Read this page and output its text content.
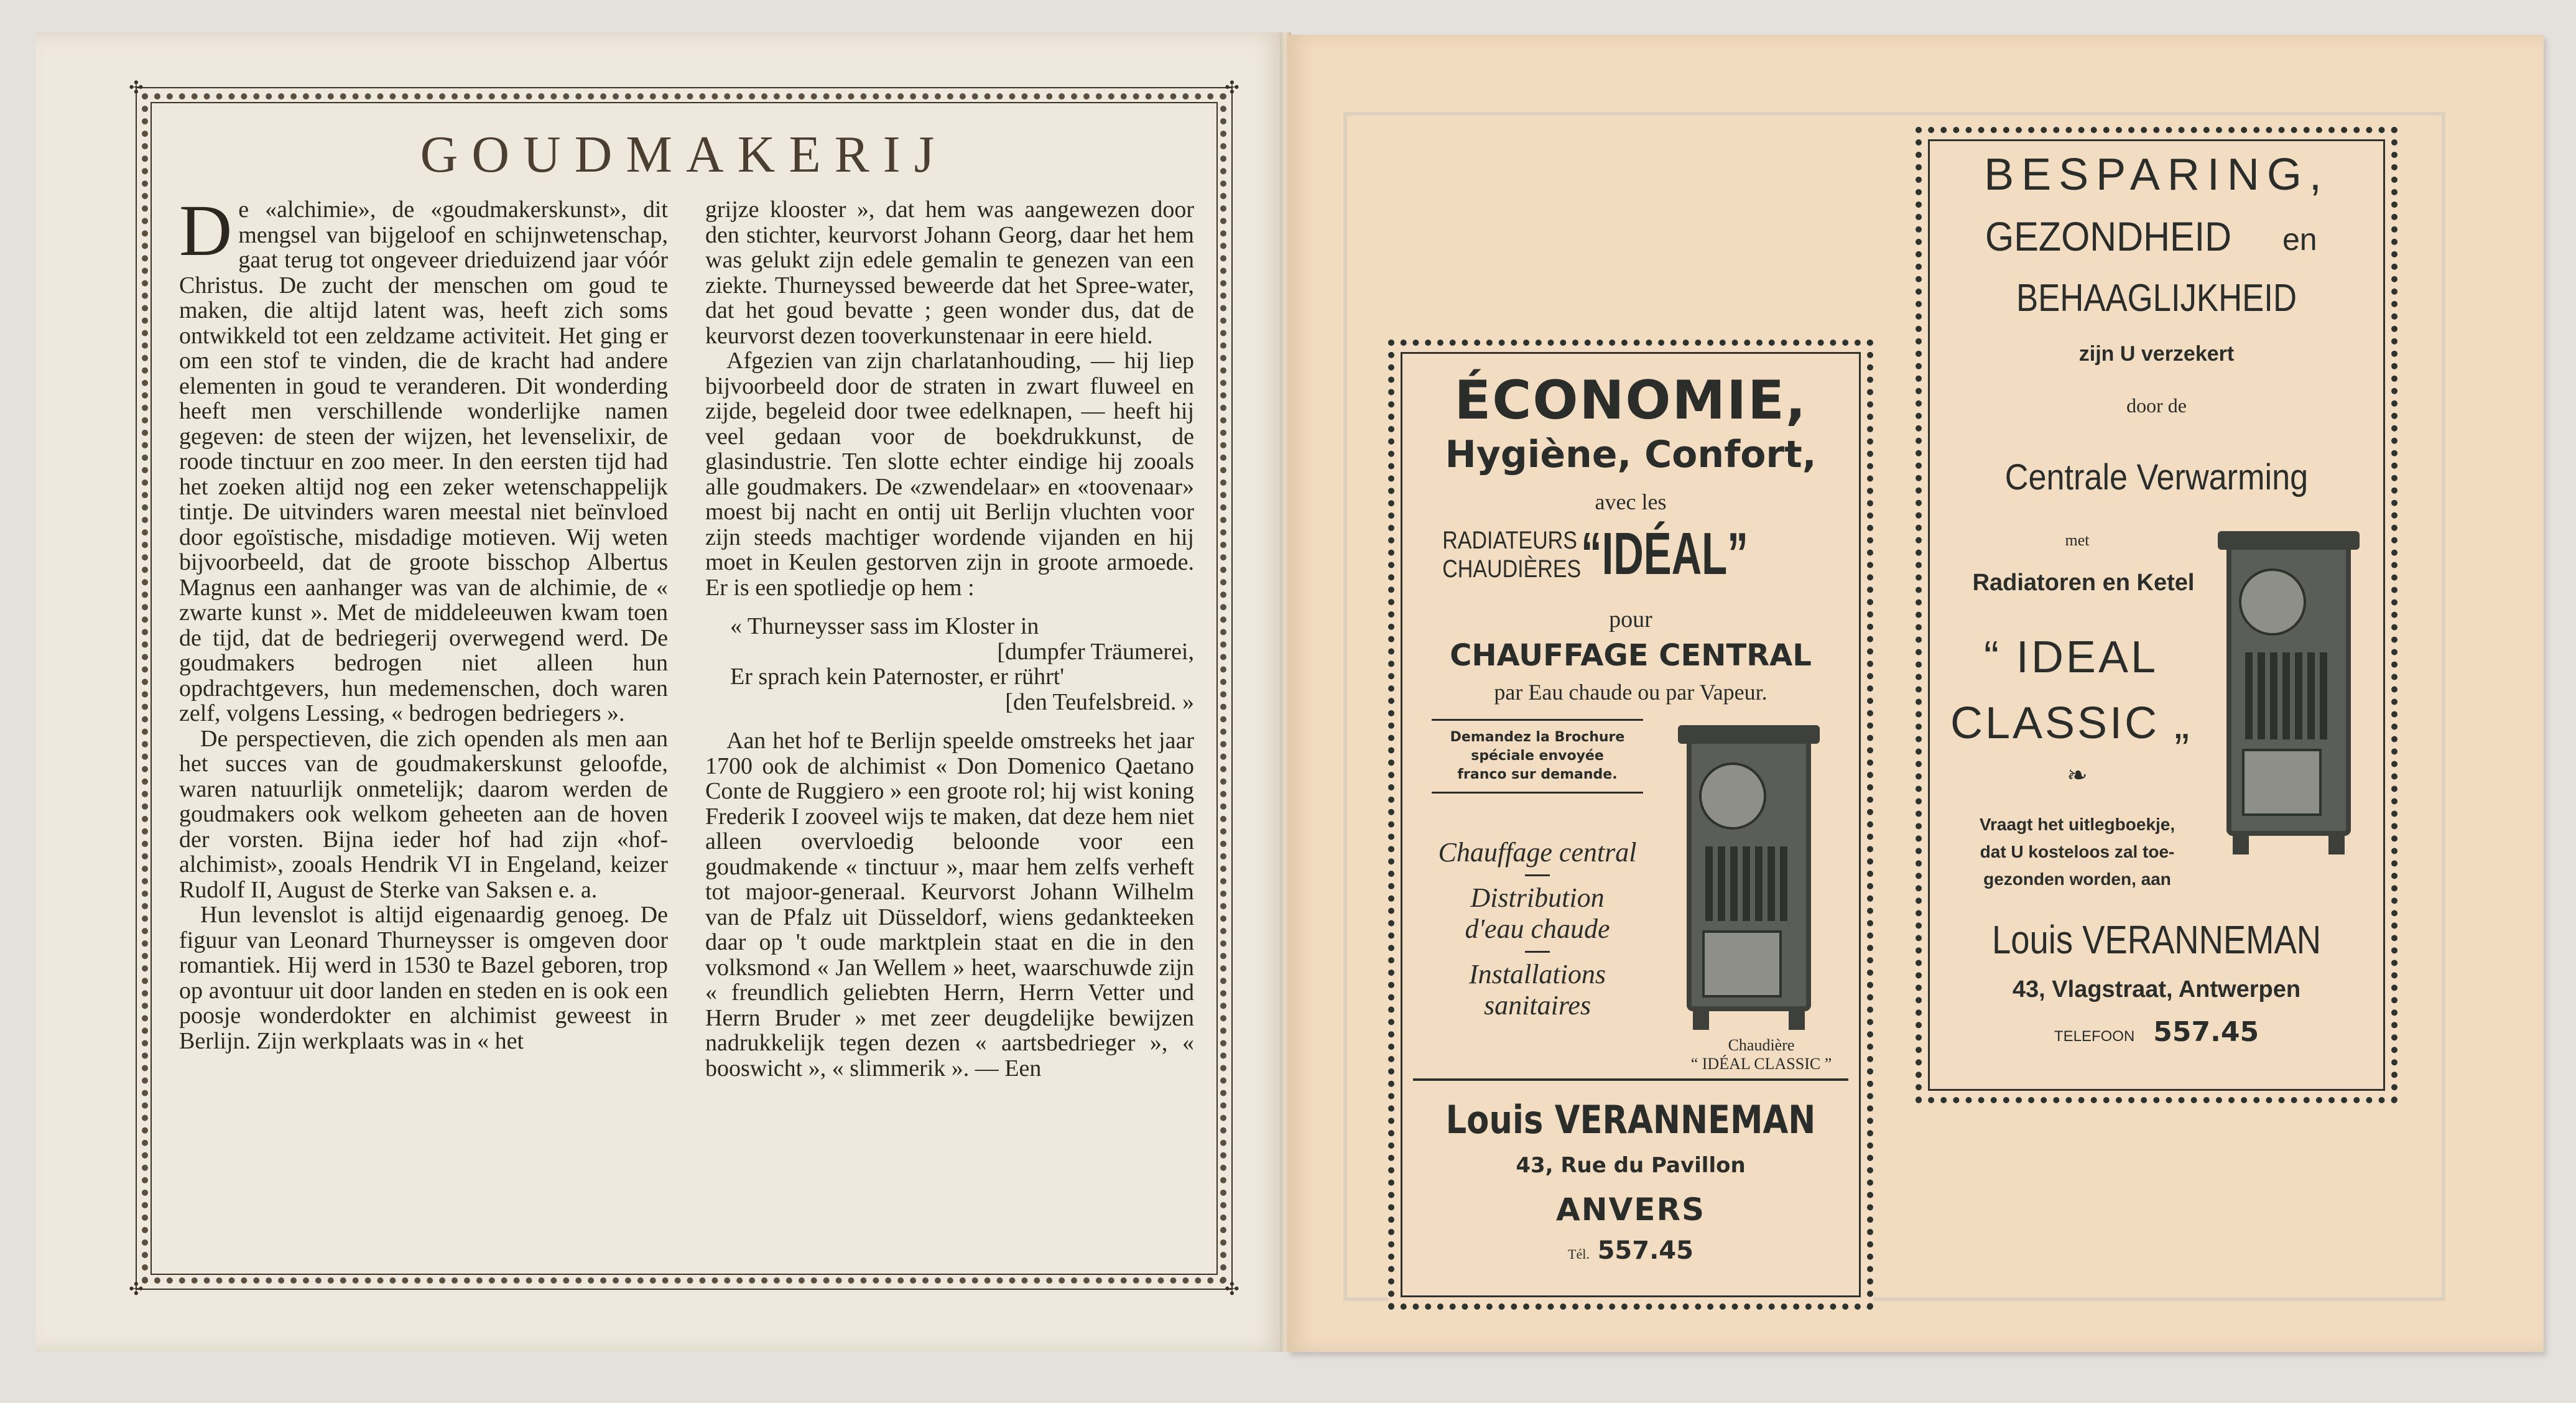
✣	✣
✣	✣
GOUDMAKERIJ

De «alchimie», de «goudmakerskunst», dit mengsel van bijgeloof en schijnwetenschap, gaat terug tot ongeveer drieduizend jaar vóór Christus. De zucht der menschen om goud te maken, die altijd latent was, heeft zich soms ontwikkeld tot een zeldzame activiteit. Het ging er om een stof te vinden, die de kracht had andere elementen in goud te veranderen. Dit wonderding heeft men verschillende wonderlijke namen gegeven: de steen der wijzen, het levenselixir, de roode tinctuur en zoo meer. In den eersten tijd had het zoeken altijd nog een zeker wetenschappelijk tintje. De uitvinders waren meestal niet beïnvloed door egoïstische, misdadige motieven. Wij weten bijvoorbeeld, dat de groote bisschop Albertus Magnus een aanhanger was van de alchimie, de « zwarte kunst ». Met de middeleeuwen kwam toen de tijd, dat de bedriegerij overwegend werd. De goudmakers bedrogen niet alleen hun opdrachtgevers, hun medemenschen, doch waren zelf, volgens Lessing, « bedrogen bedriegers ».

De perspectieven, die zich openden als men aan het succes van de goudmakerskunst geloofde, waren natuurlijk onmetelijk; daarom werden de goudmakers ook welkom geheeten aan de hoven der vorsten. Bijna ieder hof had zijn «hof-alchimist», zooals Hendrik VI in Engeland, keizer Rudolf II, August de Sterke van Saksen e. a.

Hun levenslot is altijd eigenaardig genoeg. De figuur van Leonard Thurneysser is omgeven door romantiek. Hij werd in 1530 te Bazel geboren, trop op avontuur uit door landen en steden en is ook een poosje wonderdokter en alchimist geweest in Berlijn. Zijn werkplaats was in « het

grijze klooster », dat hem was aangewezen door den stichter, keurvorst Johann Georg, daar het hem was gelukt zijn edele gemalin te genezen van een ziekte. Thurneyssed beweerde dat het Spree-water, dat het goud bevatte ; geen wonder dus, dat de keurvorst dezen tooverkunstenaar in eere hield.

Afgezien van zijn charlatanhouding, — hij liep bijvoorbeeld door de straten in zwart fluweel en zijde, begeleid door twee edelknapen, — heeft hij veel gedaan voor de boekdrukkunst, de glasindustrie. Ten slotte echter eindige hij zooals alle goudmakers. De «zwendelaar» en «toovenaar» moest bij nacht en ontij uit Berlijn vluchten voor zijn steeds machtiger wordende vijanden en hij moet in Keulen gestorven zijn in groote armoede. Er is een spotliedje op hem :

« Thurneysser sass im Kloster in
[dumpfer Träumerei,
Er sprach kein Paternoster, er rührt'
[den Teufelsbreid. »

Aan het hof te Berlijn speelde omstreeks het jaar 1700 ook de alchimist « Don Domenico Qaetano Conte de Ruggiero » een groote rol; hij wist koning Frederik I zooveel wijs te maken, dat deze hem niet alleen overvloedig beloonde voor een goudmakende « tinctuur », maar hem zelfs verheft tot majoor-generaal. Keurvorst Johann Wilhelm van de Pfalz uit Düsseldorf, wiens gedankteeken daar op 't oude marktplein staat en die in den volksmond « Jan Wellem » heet, waarschuwde zijn « freundlich geliebten Herrn, Herrn Vetter und Herrn Bruder » met zeer deugdelijke bewijzen nadrukkelijk tegen dezen « aartsbedrieger », « booswicht », « slimmerik ». — Een

ÉCONOMIE,
Hygiène, Confort,
avec les
RADIATEURS
CHAUDIÈRES “IDÉAL”
pour
CHAUFFAGE CENTRAL
par Eau chaude ou par Vapeur.
Demandez la Brochure
spéciale envoyée
franco sur demande.
Chauffage central
Distribution
d'eau chaude
Installations
sanitaires
Chaudière
“ IDÉAL CLASSIC ”
Louis VERANNEMAN
43, Rue du Pavillon
ANVERS
Tél. 557.45
BESPARING,
GEZONDHEID	en
BEHAAGLIJKHEID
zijn U verzekert
door de
Centrale Verwarming
met
Radiatoren en Ketel
“ IDEAL
CLASSIC „
❧
Vraagt het uitlegboekje,
dat U kosteloos zal toe-
gezonden worden, aan
Louis VERANNEMAN
43, Vlagstraat, Antwerpen
TELEFOON 557.45
